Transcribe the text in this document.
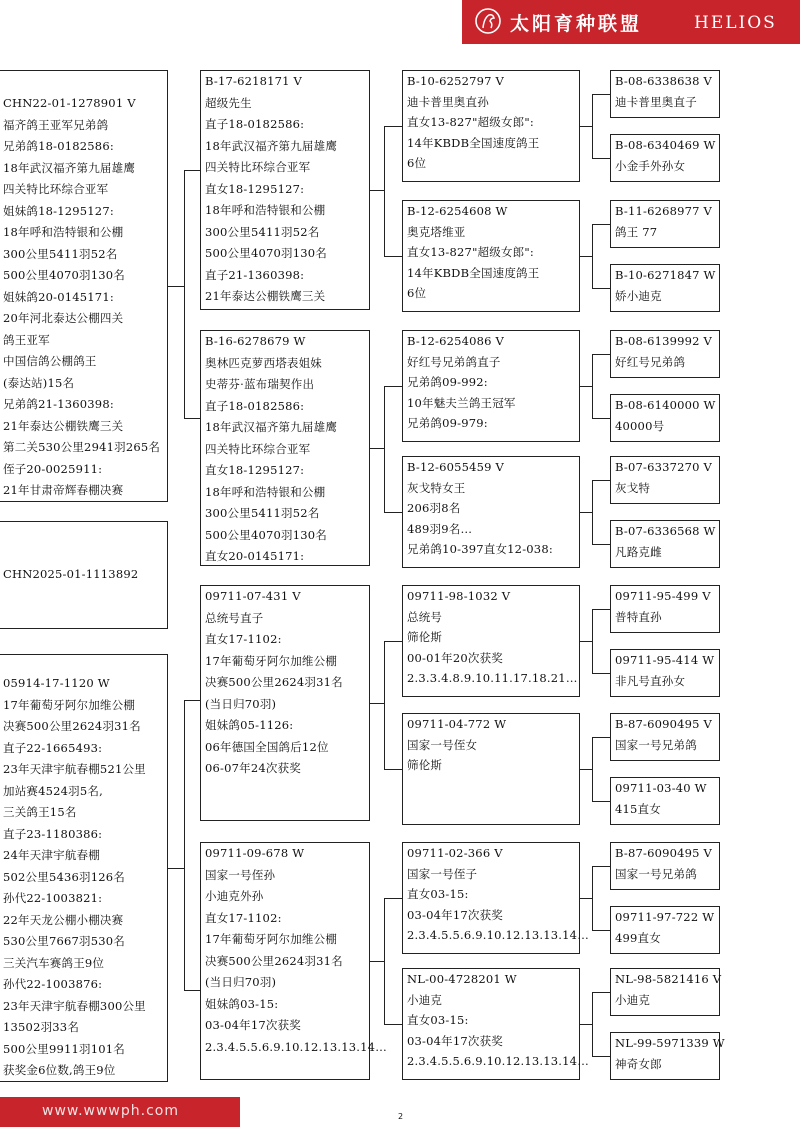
太阳育种联盟	HELIOS
CHN22-01-1278901 V
福齐鸽王亚军兄弟鸽
兄弟鸽18-0182586:
18年武汉福齐第九届雄鹰
四关特比环综合亚军
姐妹鸽18-1295127:
18年呼和浩特银和公棚
300公里5411羽52名
500公里4070羽130名
姐妹鸽20-0145171:
20年河北泰达公棚四关
鸽王亚军
中国信鸽公棚鸽王
(泰达站)15名
兄弟鸽21-1360398:
21年泰达公棚铁鹰三关
第二关530公里2941羽265名
侄子20-0025911:
21年甘肃帝辉春棚决赛
CHN2025-01-1113892
05914-17-1120 W
17年葡萄牙阿尔加维公棚
决赛500公里2624羽31名
直子22-1665493:
23年天津宇航春棚521公里
加站赛4524羽5名,
三关鸽王15名
直子23-1180386:
24年天津宇航春棚
502公里5436羽126名
孙代22-1003821:
22年天龙公棚小棚决赛
530公里7667羽530名
三关汽车赛鸽王9位
孙代22-1003876:
23年天津宇航春棚300公里
13502羽33名
500公里9911羽101名
获奖金6位数,鸽王9位
B-17-6218171 V
超级先生
直子18-0182586:
18年武汉福齐第九届雄鹰
四关特比环综合亚军
直女18-1295127:
18年呼和浩特银和公棚
300公里5411羽52名
500公里4070羽130名
直子21-1360398:
21年泰达公棚铁鹰三关
B-16-6278679 W
奥林匹克萝西塔表姐妹
史蒂芬·蓝布瑞契作出
直子18-0182586:
18年武汉福齐第九届雄鹰
四关特比环综合亚军
直女18-1295127:
18年呼和浩特银和公棚
300公里5411羽52名
500公里4070羽130名
直女20-0145171:
09711-07-431 V
总统号直子
直女17-1102:
17年葡萄牙阿尔加维公棚
决赛500公里2624羽31名
(当日归70羽)
姐妹鸽05-1126:
06年德国全国鸽后12位
06-07年24次获奖
09711-09-678 W
国家一号侄孙
小迪克外孙
直女17-1102:
17年葡萄牙阿尔加维公棚
决赛500公里2624羽31名
(当日归70羽)
姐妹鸽03-15:
03-04年17次获奖
2.3.4.5.5.6.9.10.12.13.13.14…
B-10-6252797 V
迪卡普里奥直孙
直女13-827"超级女郎":
14年KBDB全国速度鸽王
6位
B-12-6254608 W
奥克塔维亚
直女13-827"超级女郎":
14年KBDB全国速度鸽王
6位
B-12-6254086 V
好红号兄弟鸽直子
兄弟鸽09-992:
10年魅夫兰鸽王冠军
兄弟鸽09-979:
B-12-6055459 V
灰戈特女王
206羽8名
489羽9名…
兄弟鸽10-397直女12-038:
09711-98-1032 V
总统号
筛伦斯
00-01年20次获奖
2.3.3.4.8.9.10.11.17.18.21…
09711-04-772 W
国家一号侄女
筛伦斯
09711-02-366 V
国家一号侄子
直女03-15:
03-04年17次获奖
2.3.4.5.5.6.9.10.12.13.13.14…
NL-00-4728201 W
小迪克
直女03-15:
03-04年17次获奖
2.3.4.5.5.6.9.10.12.13.13.14…
B-08-6338638 V
迪卡普里奥直子
B-08-6340469 W
小金手外孙女
B-11-6268977 V
鸽王 77
B-10-6271847 W
娇小迪克
B-08-6139992 V
好红号兄弟鸽
B-08-6140000 W
40000号
B-07-6337270 V
灰戈特
B-07-6336568 W
凡路克雌
09711-95-499 V
普特直孙
09711-95-414 W
非凡号直孙女
B-87-6090495 V
国家一号兄弟鸽
09711-03-40 W
415直女
B-87-6090495 V
国家一号兄弟鸽
09711-97-722 W
499直女
NL-98-5821416 V
小迪克
NL-99-5971339 W
神奇女郎
www.wwwph.com	2
